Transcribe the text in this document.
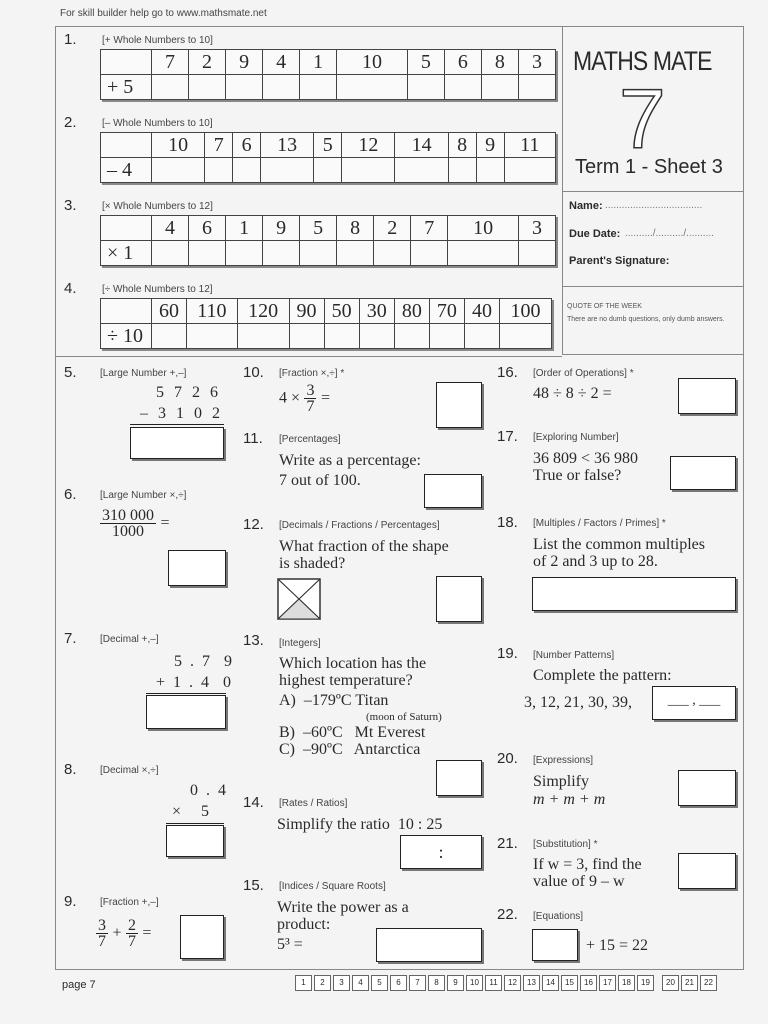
For skill builder help go to www.mathsmate.net
MATHS MATE
7
Term 1 - Sheet 3
Name: ...................................
Due Date: ........../........../..........
Parent's Signature:
QUOTE OF THE WEEK
There are no dumb questions, only dumb answers.
1.	[+ Whole Numbers to 10]
	7	2	9	4	1	10	5	6	8	3
+ 5										
2.	[– Whole Numbers to 10]
	10	7	6	13	5	12	14	8	9	11
– 4										
3.	[× Whole Numbers to 12]
	4	6	1	9	5	8	2	7	10	3
× 1										
4.	[÷ Whole Numbers to 12]
	60	110	120	90	50	30	80	70	40	100
÷ 10										
5. [Large Number +,–]
5 7 2 6
– 3 1 0 2
6. [Large Number ×,÷]
$\frac{310 000}{1000}$ =
7. [Decimal +,–]
5 . 7  9
+ 1 . 4  0
8. [Decimal ×,÷]
0 . 4
×     5
9. [Fraction +,–]
$\frac{3}{7} + \frac{2}{7}$ =
10. [Fraction ×,÷] *
$4 \times \frac{3}{7}$ =
11. [Percentages]
Write as a percentage:
7 out of 100.
12. [Decimals / Fractions / Percentages]
What fraction of the shape
is shaded?
13. [Integers]
Which location has the
highest temperature?
A)  –179ºC Titan
(moon of Saturn)
B)  –60ºC   Mt Everest
C)  –90ºC   Antarctica
14. [Rates / Ratios]
Simplify the ratio  10 : 25
:
15. [Indices / Square Roots]
Write the power as a
product:
5³ =
16. [Order of Operations] *
48 ÷ 8 ÷ 2 =
17. [Exploring Number]
36 809 < 36 980
True or false?
18. [Multiples / Factors / Primes] *
List the common multiples
of 2 and 3 up to 28.
19. [Number Patterns]
Complete the pattern:
3, 12, 21, 30, 39,	___ , ___
20. [Expressions]
Simplify
m + m + m
21. [Substitution] *
If w = 3, find the
value of 9 – w
22. [Equations]
+ 15 = 22
page 7	1	2	3	4	5	6	7	8	9	10	11	12	13	14	15	16	17	18	19	20	21	22
